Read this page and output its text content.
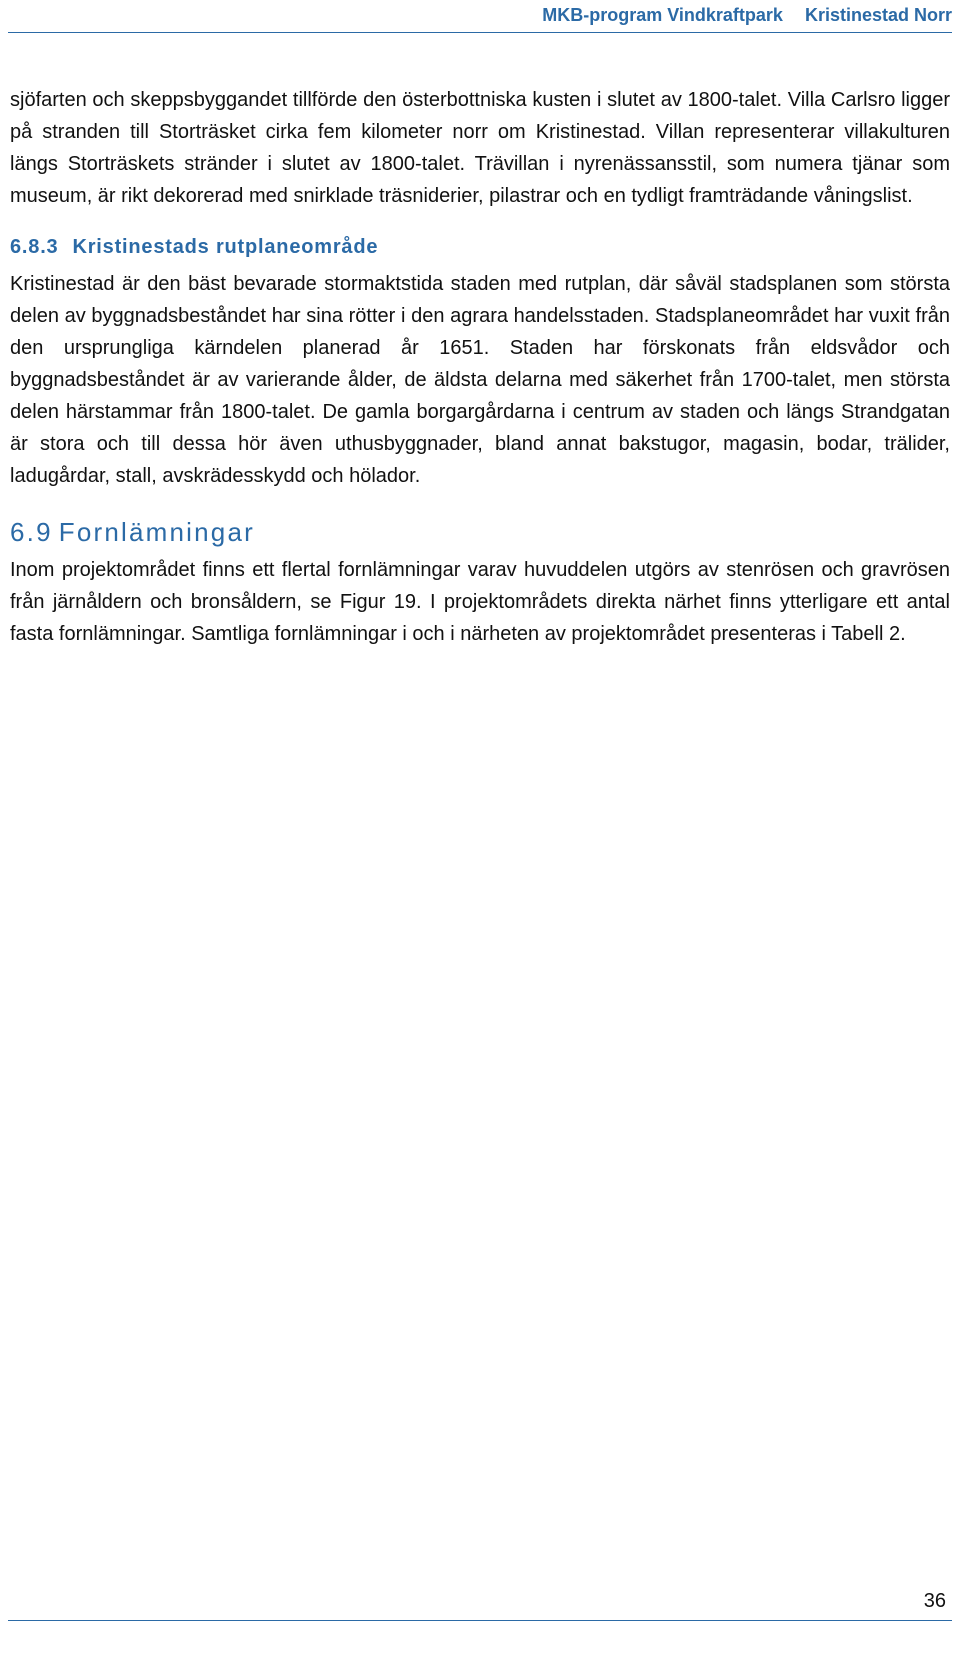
MKB-program Vindkraftpark Kristinestad Norr

sjöfarten och skeppsbyggandet tillförde den österbottniska kusten i slutet av 1800-talet. Villa Carlsro ligger på stranden till Storträsket cirka fem kilometer norr om Kristinestad. Villan representerar villakulturen längs Storträskets stränder i slutet av 1800-talet. Trävillan i nyrenässansstil, som numera tjänar som museum, är rikt dekorerad med snirklade träsniderier, pilastrar och en tydligt framträdande våningslist.

6.8.3 Kristinestads rutplaneområde

Kristinestad är den bäst bevarade stormaktstida staden med rutplan, där såväl stadsplanen som största delen av byggnadsbeståndet har sina rötter i den agrara handelsstaden. Stadsplaneområdet har vuxit från den ursprungliga kärndelen planerad år 1651. Staden har förskonats från eldsvådor och byggnadsbeståndet är av varierande ålder, de äldsta delarna med säkerhet från 1700-talet, men största delen härstammar från 1800-talet. De gamla borgargårdarna i centrum av staden och längs Strandgatan är stora och till dessa hör även uthusbyggnader, bland annat bakstugor, magasin, bodar, trälider, ladugårdar, stall, avskrädesskydd och hölador.

6.9 Fornlämningar

Inom projektområdet finns ett flertal fornlämningar varav huvuddelen utgörs av stenrösen och gravrösen från järnåldern och bronsåldern, se Figur 19. I projektområdets direkta närhet finns ytterligare ett antal fasta fornlämningar. Samtliga fornlämningar i och i närheten av projektområdet presenteras i Tabell 2.

36
